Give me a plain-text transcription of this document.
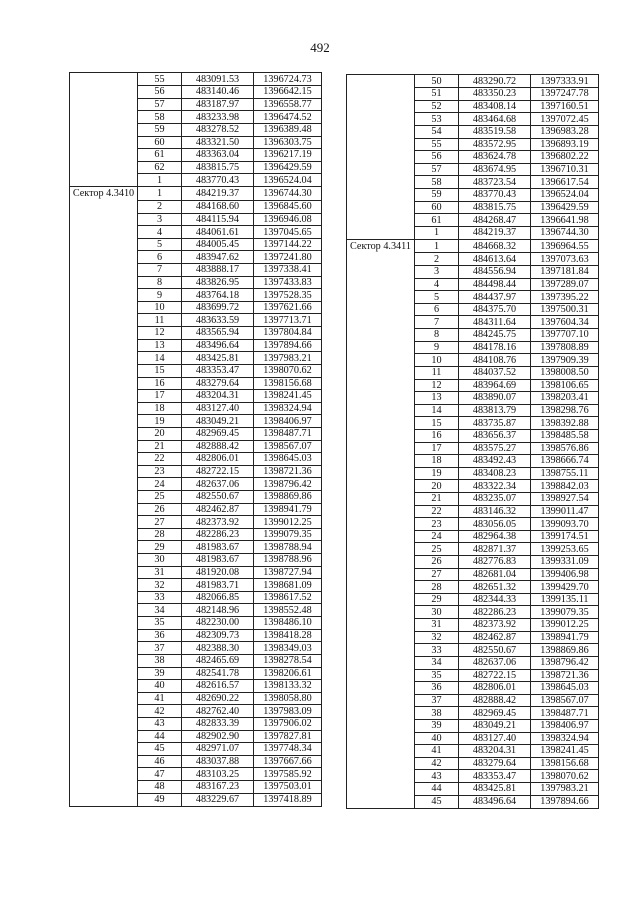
492
	55	483091.53	1396724.73
	56	483140.46	1396642.15
	57	483187.97	1396558.77
	58	483233.98	1396474.52
	59	483278.52	1396389.48
	60	483321.50	1396303.75
	61	483363.04	1396217.19
	62	483815.75	1396429.59
	1	483770.43	1396524.04
Сектор 4.3410	1	484219.37	1396744.30
	2	484168.60	1396845.60
	3	484115.94	1396946.08
	4	484061.61	1397045.65
	5	484005.45	1397144.22
	6	483947.62	1397241.80
	7	483888.17	1397338.41
	8	483826.95	1397433.83
	9	483764.18	1397528.35
	10	483699.72	1397621.66
	11	483633.59	1397713.71
	12	483565.94	1397804.84
	13	483496.64	1397894.66
	14	483425.81	1397983.21
	15	483353.47	1398070.62
	16	483279.64	1398156.68
	17	483204.31	1398241.45
	18	483127.40	1398324.94
	19	483049.21	1398406.97
	20	482969.45	1398487.71
	21	482888.42	1398567.07
	22	482806.01	1398645.03
	23	482722.15	1398721.36
	24	482637.06	1398796.42
	25	482550.67	1398869.86
	26	482462.87	1398941.79
	27	482373.92	1399012.25
	28	482286.23	1399079.35
	29	481983.67	1398788.94
	30	481983.67	1398788.96
	31	481920.08	1398727.94
	32	481983.71	1398681.09
	33	482066.85	1398617.52
	34	482148.96	1398552.48
	35	482230.00	1398486.10
	36	482309.73	1398418.28
	37	482388.30	1398349.03
	38	482465.69	1398278.54
	39	482541.78	1398206.61
	40	482616.57	1398133.32
	41	482690.22	1398058.80
	42	482762.40	1397983.09
	43	482833.39	1397906.02
	44	482902.90	1397827.81
	45	482971.07	1397748.34
	46	483037.88	1397667.66
	47	483103.25	1397585.92
	48	483167.23	1397503.01
	49	483229.67	1397418.89
	50	483290.72	1397333.91
	51	483350.23	1397247.78
	52	483408.14	1397160.51
	53	483464.68	1397072.45
	54	483519.58	1396983.28
	55	483572.95	1396893.19
	56	483624.78	1396802.22
	57	483674.95	1396710.31
	58	483723.54	1396617.54
	59	483770.43	1396524.04
	60	483815.75	1396429.59
	61	484268.47	1396641.98
	1	484219.37	1396744.30
Сектор 4.3411	1	484668.32	1396964.55
	2	484613.64	1397073.63
	3	484556.94	1397181.84
	4	484498.44	1397289.07
	5	484437.97	1397395.22
	6	484375.70	1397500.31
	7	484311.64	1397604.34
	8	484245.75	1397707.10
	9	484178.16	1397808.89
	10	484108.76	1397909.39
	11	484037.52	1398008.50
	12	483964.69	1398106.65
	13	483890.07	1398203.41
	14	483813.79	1398298.76
	15	483735.87	1398392.88
	16	483656.37	1398485.58
	17	483575.27	1398576.86
	18	483492.43	1398666.74
	19	483408.23	1398755.11
	20	483322.34	1398842.03
	21	483235.07	1398927.54
	22	483146.32	1399011.47
	23	483056.05	1399093.70
	24	482964.38	1399174.51
	25	482871.37	1399253.65
	26	482776.83	1399331.09
	27	482681.04	1399406.98
	28	482651.32	1399429.70
	29	482344.33	1399135.11
	30	482286.23	1399079.35
	31	482373.92	1399012.25
	32	482462.87	1398941.79
	33	482550.67	1398869.86
	34	482637.06	1398796.42
	35	482722.15	1398721.36
	36	482806.01	1398645.03
	37	482888.42	1398567.07
	38	482969.45	1398487.71
	39	483049.21	1398406.97
	40	483127.40	1398324.94
	41	483204.31	1398241.45
	42	483279.64	1398156.68
	43	483353.47	1398070.62
	44	483425.81	1397983.21
	45	483496.64	1397894.66
